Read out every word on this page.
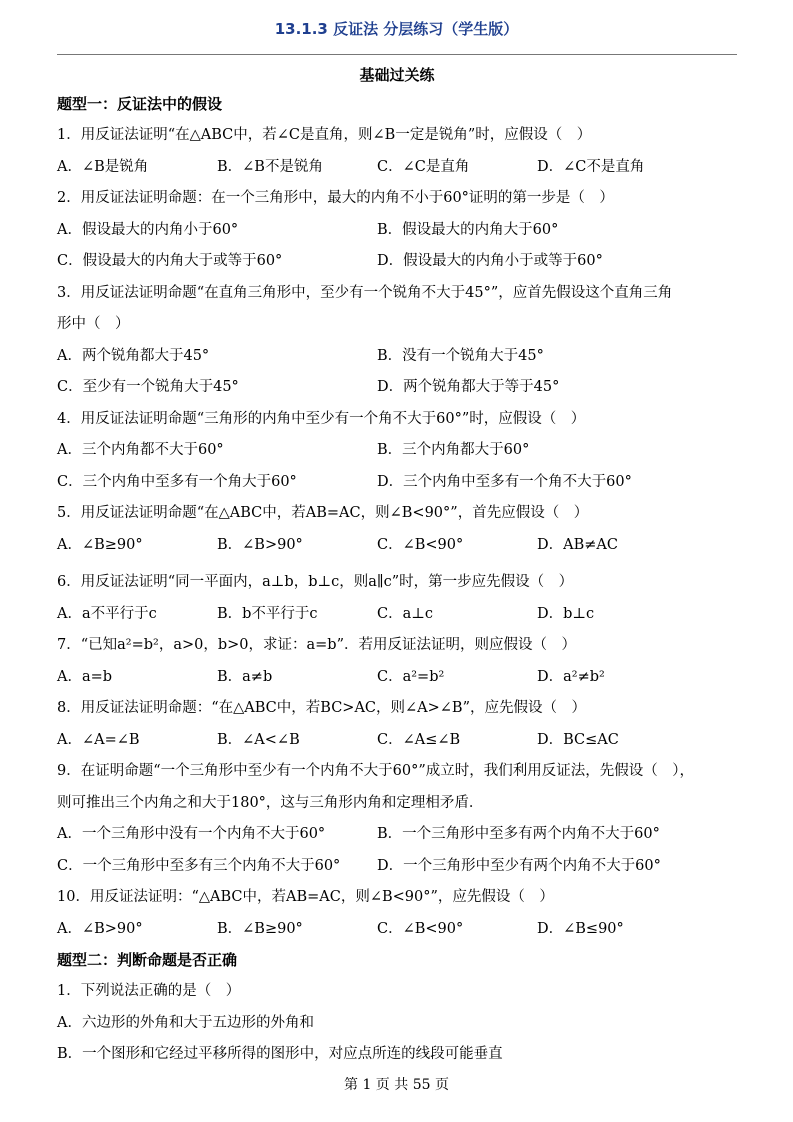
13.1.3 反证法 分层练习（学生版）
基础过关练
题型一：反证法中的假设
1．用反证法证明“在△ABC中，若∠C是直角，则∠B一定是锐角”时，应假设（　）
A．∠B是锐角	B．∠B不是锐角	C．∠C是直角	D．∠C不是直角
2．用反证法证明命题：在一个三角形中，最大的内角不小于60°证明的第一步是（　）
A．假设最大的内角小于60°	B．假设最大的内角大于60°
C．假设最大的内角大于或等于60°	D．假设最大的内角小于或等于60°
3．用反证法证明命题“在直角三角形中，至少有一个锐角不大于45°”，应首先假设这个直角三角
形中（　）
A．两个锐角都大于45°	B．没有一个锐角大于45°
C．至少有一个锐角大于45°	D．两个锐角都大于等于45°
4．用反证法证明命题“三角形的内角中至少有一个角不大于60°”时，应假设（　）
A．三个内角都不大于60°	B．三个内角都大于60°
C．三个内角中至多有一个角大于60°	D．三个内角中至多有一个角不大于60°
5．用反证法证明命题“在△ABC中，若AB=AC，则∠B<90°”，首先应假设（　）
A．∠B≥90°	B．∠B>90°	C．∠B<90°	D．AB≠AC
6．用反证法证明“同一平面内，a⊥b，b⊥c，则a∥c”时，第一步应先假设（　）
A．a不平行于c	B．b不平行于c	C．a⊥c	D．b⊥c
7．“已知a²=b²，a>0，b>0，求证：a=b”．若用反证法证明，则应假设（　）
A．a=b	B．a≠b	C．a²=b²	D．a²≠b²
8．用反证法证明命题：“在△ABC中，若BC>AC，则∠A>∠B”，应先假设（　）
A．∠A=∠B	B．∠A<∠B	C．∠A≤∠B	D．BC≤AC
9．在证明命题“一个三角形中至少有一个内角不大于60°”成立时，我们利用反证法，先假设（　），
则可推出三个内角之和大于180°，这与三角形内角和定理相矛盾．
A．一个三角形中没有一个内角不大于60°	B．一个三角形中至多有两个内角不大于60°
C．一个三角形中至多有三个内角不大于60°	D．一个三角形中至少有两个内角不大于60°
10．用反证法证明：“△ABC中，若AB=AC，则∠B<90°”，应先假设（　）
A．∠B>90°	B．∠B≥90°	C．∠B<90°	D．∠B≤90°
题型二：判断命题是否正确
1．下列说法正确的是（　）
A．六边形的外角和大于五边形的外角和
B．一个图形和它经过平移所得的图形中，对应点所连的线段可能垂直
第 1 页 共 55 页
